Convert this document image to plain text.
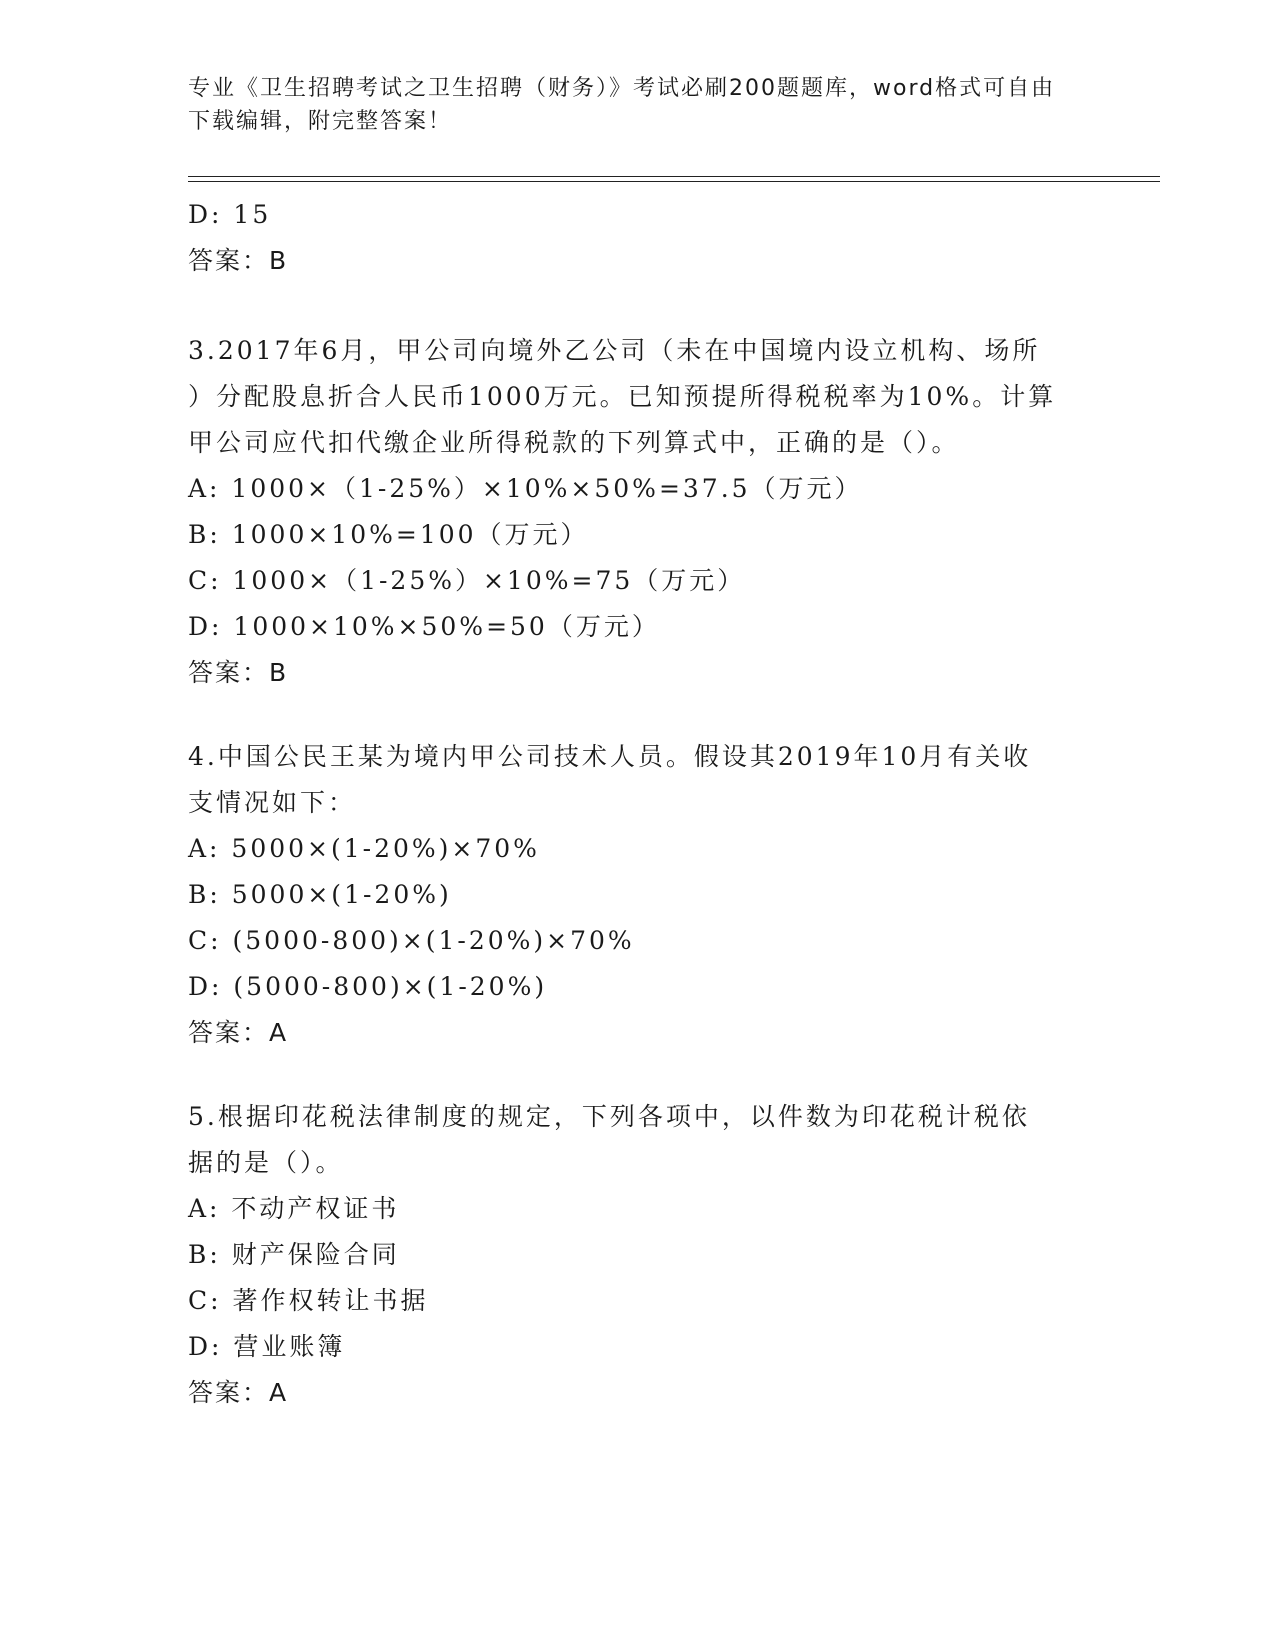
专业《卫生招聘考试之卫生招聘（财务）》考试必刷200题题库，word格式可自由下载编辑，附完整答案！
D: 15
答案：B
3.2017年6月，甲公司向境外乙公司（未在中国境内设立机构、场所
）分配股息折合人民币1000万元。已知预提所得税税率为10%。计算
甲公司应代扣代缴企业所得税款的下列算式中，正确的是（）。
A: 1000×（1-25%）×10%×50%=37.5（万元）
B: 1000×10%=100（万元）
C: 1000×（1-25%）×10%=75（万元）
D: 1000×10%×50%=50（万元）
答案：B
4.中国公民王某为境内甲公司技术人员。假设其2019年10月有关收
支情况如下：
A: 5000×(1-20%)×70%
B: 5000×(1-20%)
C: (5000-800)×(1-20%)×70%
D: (5000-800)×(1-20%)
答案：A
5.根据印花税法律制度的规定，下列各项中，以件数为印花税计税依
据的是（）。
A: 不动产权证书
B: 财产保险合同
C: 著作权转让书据
D: 营业账簿
答案：A
